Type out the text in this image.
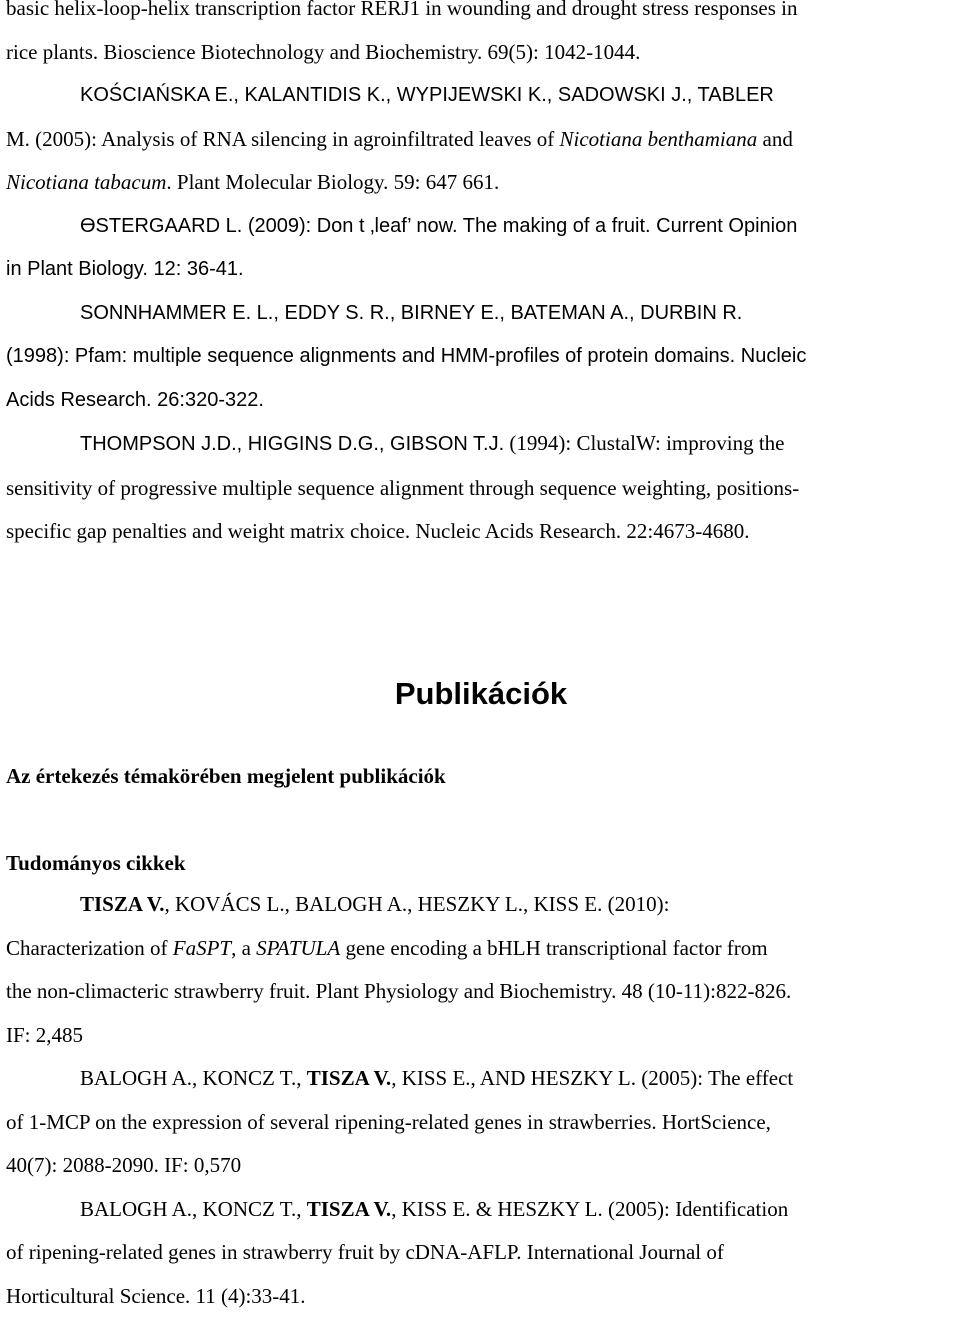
basic helix-loop-helix transcription factor RERJ1 in wounding and drought stress responses in

rice plants. Bioscience Biotechnology and Biochemistry. 69(5): 1042-1044.

KOŚCIAŃSKA E., KALANTIDIS K., WYPIJEWSKI K., SADOWSKI J., TABLER

M. (2005): Analysis of RNA silencing in agroinfiltrated leaves of Nicotiana benthamiana and

Nicotiana tabacum. Plant Molecular Biology. 59: 647 661.

ӨSTERGAARD L. (2009): Don t ‚leaf’ now. The making of a fruit. Current Opinion

in Plant Biology. 12: 36-41.

SONNHAMMER E. L., EDDY S. R., BIRNEY E., BATEMAN A., DURBIN R.

(1998): Pfam: multiple sequence alignments and HMM-profiles of protein domains. Nucleic

Acids Research. 26:320-322.

THOMPSON J.D., HIGGINS D.G., GIBSON T.J. (1994): ClustalW: improving the

sensitivity of progressive multiple sequence alignment through sequence weighting, positions-

specific gap penalties and weight matrix choice. Nucleic Acids Research. 22:4673-4680.

Publikációk

Az értekezés témakörében megjelent publikációk

Tudományos cikkek

TISZA V., KOVÁCS L., BALOGH A., HESZKY L., KISS E. (2010):

Characterization of FaSPT, a SPATULA gene encoding a bHLH transcriptional factor from

the non-climacteric strawberry fruit. Plant Physiology and Biochemistry. 48 (10-11):822-826.

IF: 2,485

BALOGH A., KONCZ T., TISZA V., KISS E., AND HESZKY L. (2005): The effect

of 1-MCP on the expression of several ripening-related genes in strawberries. HortScience,

40(7): 2088-2090. IF: 0,570

BALOGH A., KONCZ T., TISZA V., KISS E. & HESZKY L. (2005): Identification

of ripening-related genes in strawberry fruit by cDNA-AFLP. International Journal of

Horticultural Science. 11 (4):33-41.
